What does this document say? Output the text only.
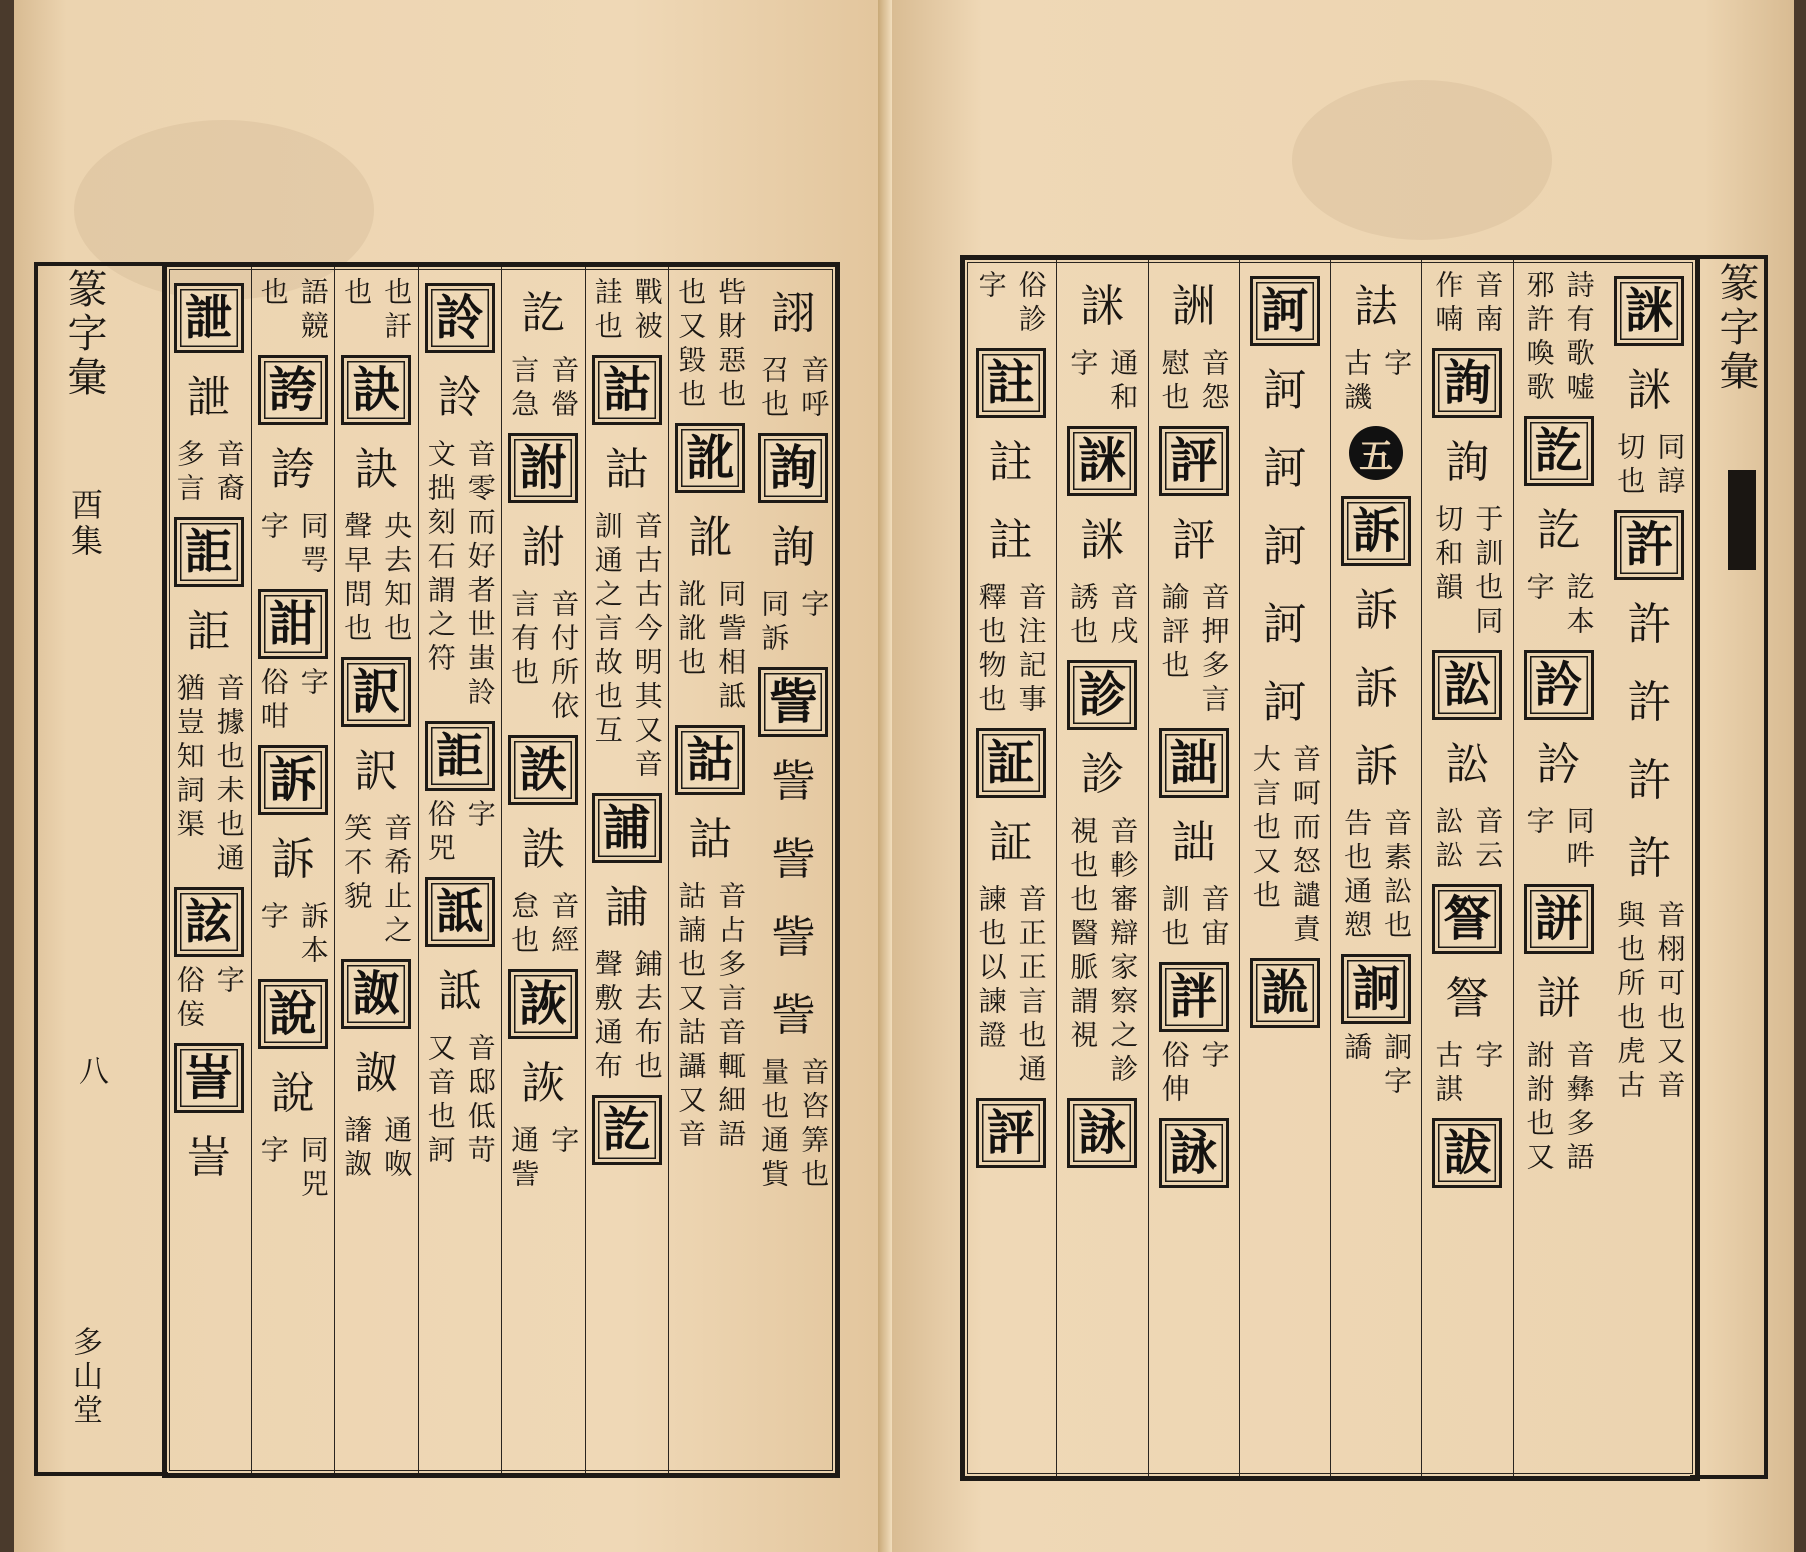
詡
音呼
召也
詢
詢
字
同訴
訾
訾
訾
訾
訾
音咨筭也
量也通貲
呰財惡也
也又毀也
訛
訛
同訾相詆
訛訛也
詁
詁
音占多言音輒細語
詁諵也又詁讘又音
戰被
詿也
詁
詁
音古古今明其又音
訓通之言故也互
誧
誧
鋪去布也
聲敷通布
訖
訖
音㽦
言急
詂
詂
音付所依
言有也
詄
詄
音經
怠也
詼
詼
字
通訾
詅
詅
音零而好者世蚩詅
文拙刻石謂之符
詎
字
俗兕
詆
詆
音邸低苛
又音也訶
也訐
也
訣
訣
央去知也
聲早問也
訳
訳
音希止之
笑不貌
詉
詉
通呶
譇詉
語競
也
誇
誇
同咢
字
詌
字
俗咁
訴
訴
訴本
字
說
說
同兕
字
詍
詍
音裔
多言
詎
詎
音據也未也通
猶豈知詞渠
詃
字
俗侫
訔
訔
篆字彙
酉集
八
多山堂
詸
詸
同諄
切也
許
許
許
許
許
音栩可也又音
與也所也虎古
詩有歌嘘
邪許喚歌
訖
訖
訖本
字
訡
訡
同吽
字
誁
誁
音彝多語
詂詂也又
音南
作喃
詢
詢
于訓也同
切和韻
訟
訟
音云
訟訟
詧
詧
字
古諆
詙
詓
字
古譏
五
訴
訴
訴
訴
音素訟也
告也通愬
詗
詗字
譑
訶
訶
訶
訶
訶
訶
音呵而怒譴責
大言也又也
詤
詶
音怨
慰也
評
評
音押多言
諭評也
詘
詘
音宙
訓也
詊
字
俗伸
詠
詸
通和
字
詸
詸
音戌
誘也
診
診
音軫審辯家察之診
視也也醫脈謂視
詠
俗診
字
註
註
註
音注記事
釋也物也
証
証
音正正言也通
諫也以諫證
評
篆字彙
